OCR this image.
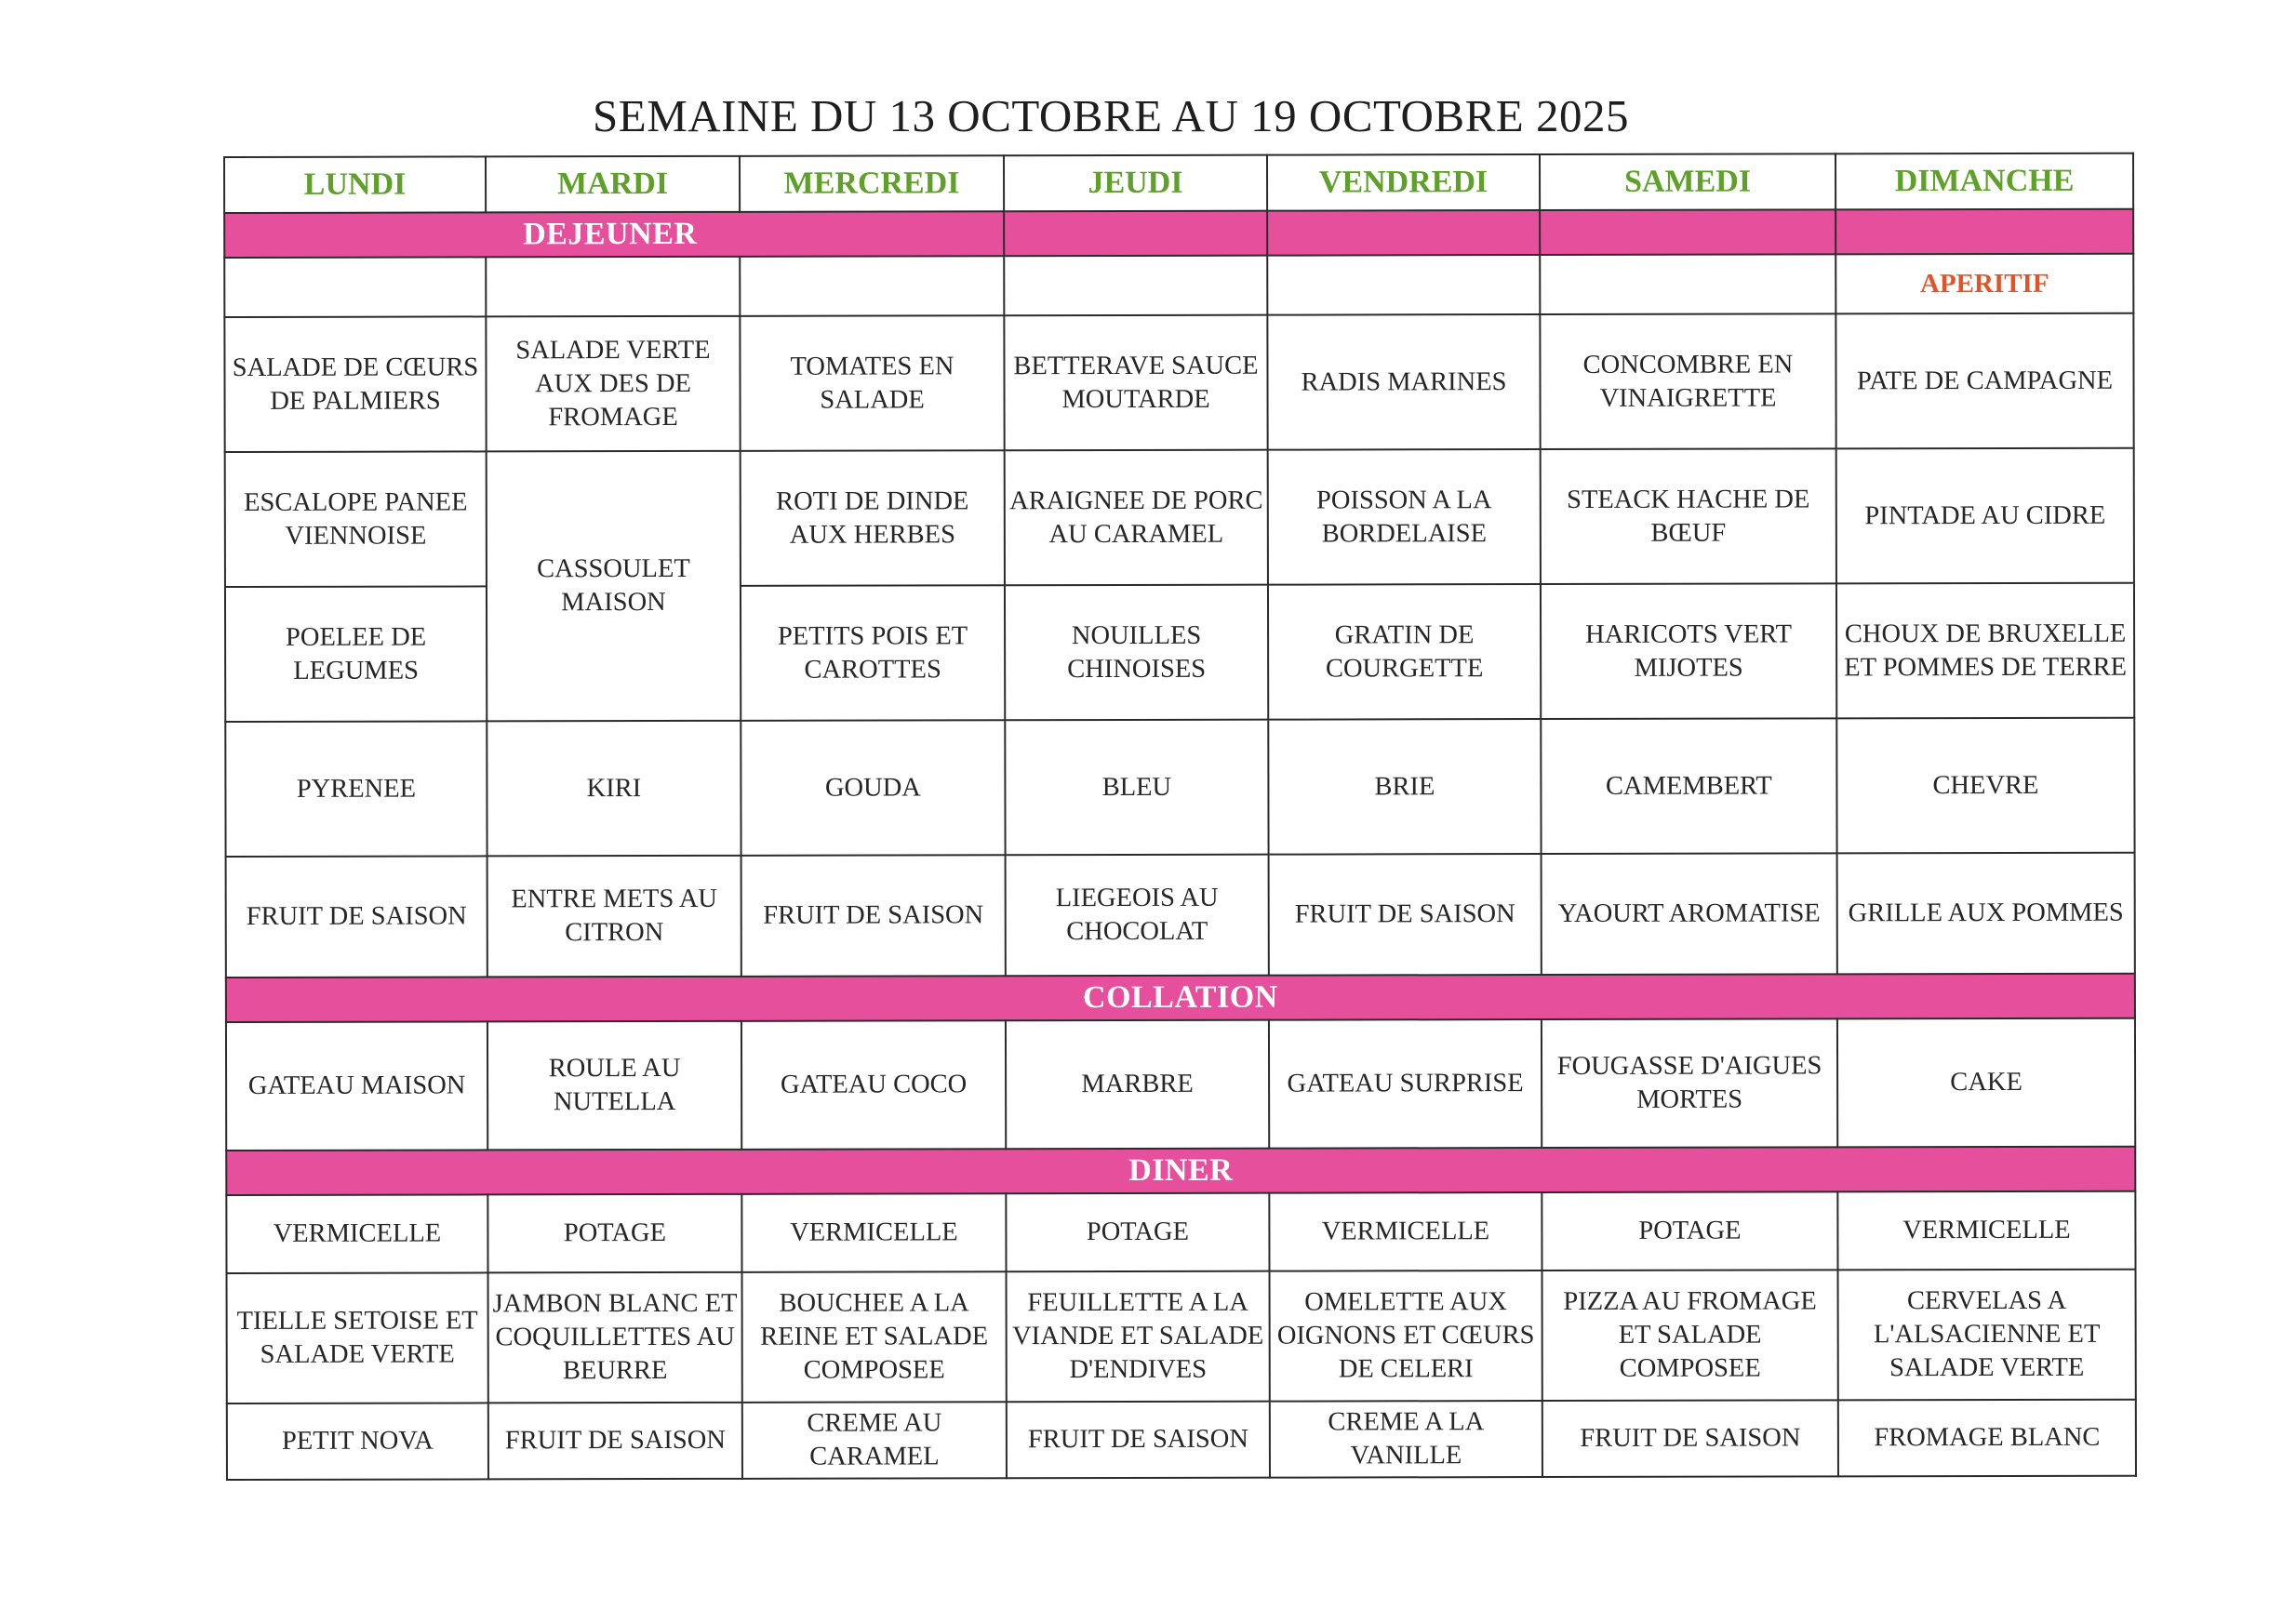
SEMAINE DU 13 OCTOBRE AU 19 OCTOBRE 2025
LUNDI	MARDI	MERCREDI	JEUDI	VENDREDI	SAMEDI	DIMANCHE
DEJEUNER						
						APERITIF
SALADE DE CŒURS DE PALMIERS	SALADE VERTE AUX DES DE FROMAGE	TOMATES EN SALADE	BETTERAVE SAUCE MOUTARDE	RADIS MARINES	CONCOMBRE EN VINAIGRETTE	PATE DE CAMPAGNE
ESCALOPE PANEE VIENNOISE	CASSOULET MAISON	ROTI DE DINDE AUX HERBES	ARAIGNEE DE PORC AU CARAMEL	POISSON A LA BORDELAISE	STEACK HACHE DE BŒUF	PINTADE AU CIDRE
POELEE DE LEGUMES		PETITS POIS ET CAROTTES	NOUILLES CHINOISES	GRATIN DE COURGETTE	HARICOTS VERT MIJOTES	CHOUX DE BRUXELLE ET POMMES DE TERRE
PYRENEE	KIRI	GOUDA	BLEU	BRIE	CAMEMBERT	CHEVRE
FRUIT DE SAISON	ENTRE METS AU CITRON	FRUIT DE SAISON	LIEGEOIS AU CHOCOLAT	FRUIT DE SAISON	YAOURT AROMATISE	GRILLE AUX POMMES
COLLATION						
GATEAU MAISON	ROULE AU NUTELLA	GATEAU COCO	MARBRE	GATEAU SURPRISE	FOUGASSE D'AIGUES MORTES	CAKE
DINER						
VERMICELLE	POTAGE	VERMICELLE	POTAGE	VERMICELLE	POTAGE	VERMICELLE
TIELLE SETOISE ET SALADE VERTE	JAMBON BLANC ET COQUILLETTES AU BEURRE	BOUCHEE A LA REINE ET SALADE COMPOSEE	FEUILLETTE A LA VIANDE ET SALADE D'ENDIVES	OMELETTE AUX OIGNONS ET CŒURS DE CELERI	PIZZA AU FROMAGE ET SALADE COMPOSEE	CERVELAS A L'ALSACIENNE ET SALADE VERTE
PETIT NOVA	FRUIT DE SAISON	CREME AU CARAMEL	FRUIT DE SAISON	CREME A LA VANILLE	FRUIT DE SAISON	FROMAGE BLANC
